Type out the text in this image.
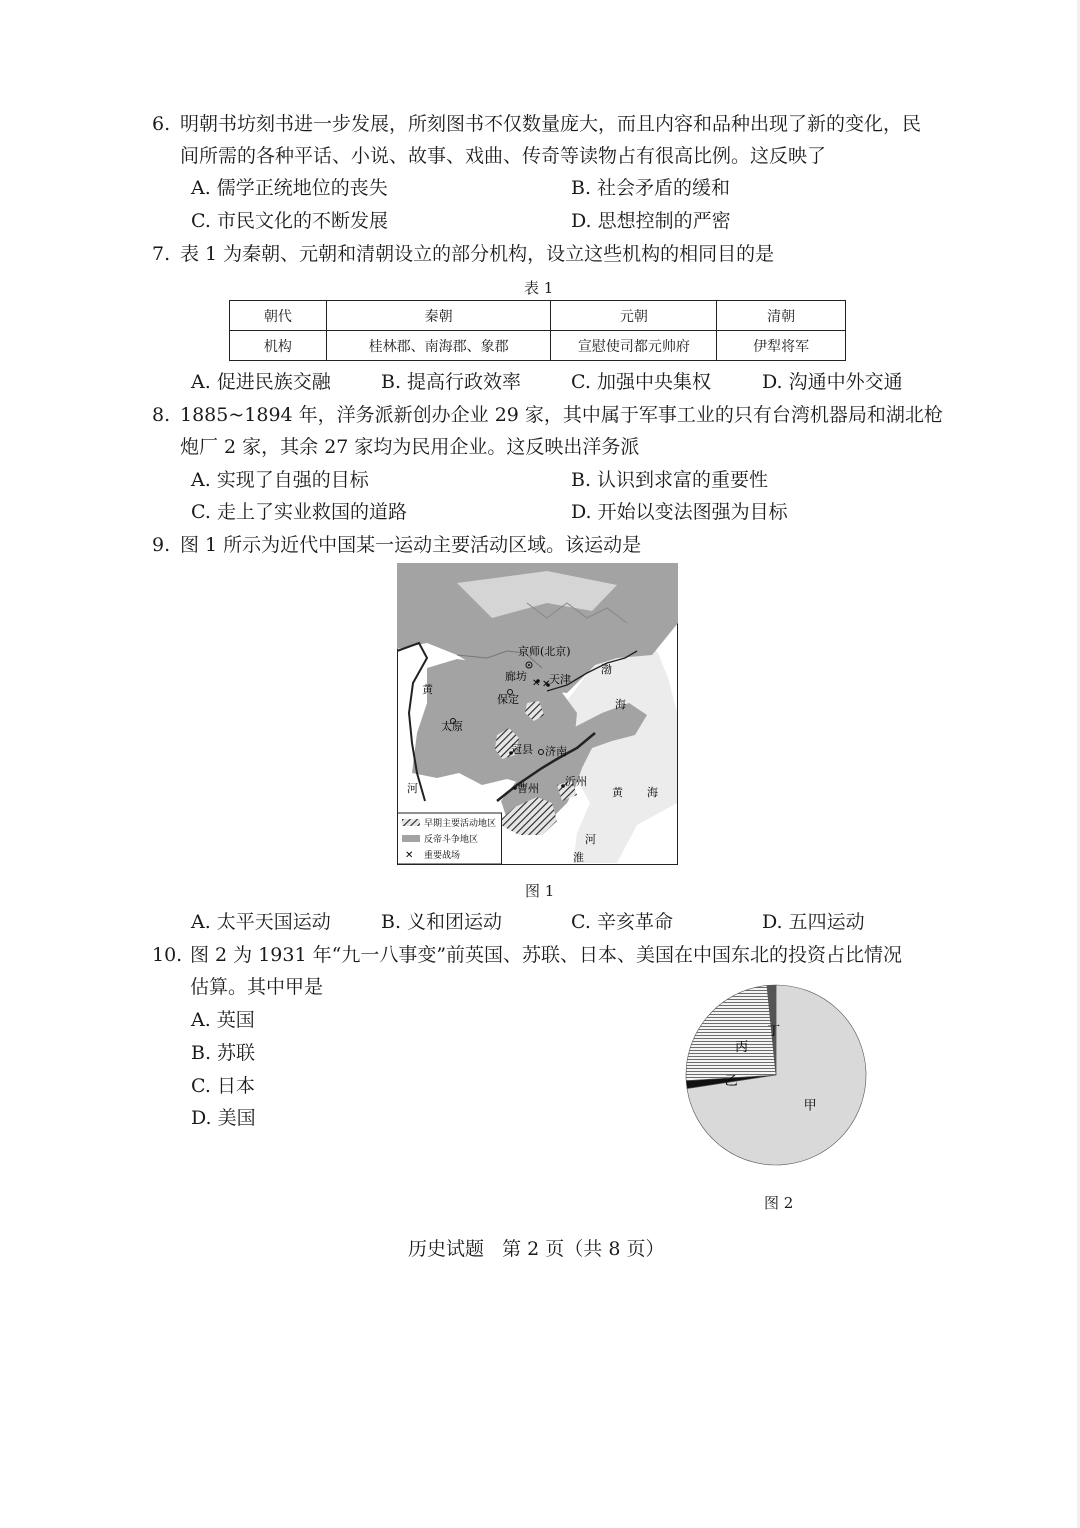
6. 明朝书坊刻书进一步发展，所刻图书不仅数量庞大，而且内容和品种出现了新的变化，民
间所需的各种平话、小说、故事、戏曲、传奇等读物占有很高比例。这反映了
A. 儒学正统地位的丧失	B. 社会矛盾的缓和
C. 市民文化的不断发展	D. 思想控制的严密
7. 表 1 为秦朝、元朝和清朝设立的部分机构，设立这些机构的相同目的是
表 1
朝代	秦朝	元朝	清朝
机构	桂林郡、南海郡、象郡	宣慰使司都元帅府	伊犁将军
A. 促进民族交融	B. 提高行政效率	C. 加强中央集权	D. 沟通中外交通
8. 1885~1894 年，洋务派新创办企业 29 家，其中属于军事工业的只有台湾机器局和湖北枪
炮厂 2 家，其余 27 家均为民用企业。这反映出洋务派
A. 实现了自强的目标	B. 认识到求富的重要性
C. 走上了实业救国的道路	D. 开始以变法图强为目标
9. 图 1 所示为近代中国某一运动主要活动区域。该运动是
京师(北京)
廊坊 天津
保定
太原
冠县 济南
曹州
沂州
渤
海
黄 海
黄
河
河
淮
✕
✕
早期主要活动地区
反帝斗争地区
✕ 重要战场
图 1
A. 太平天国运动	B. 义和团运动	C. 辛亥革命	D. 五四运动
10. 图 2 为 1931 年“九一八事变”前英国、苏联、日本、美国在中国东北的投资占比情况
估算。其中甲是
A. 英国
B. 苏联
C. 日本
D. 美国
甲
乙
丙
丁
图 2
历史试题   第 2 页（共 8 页）
